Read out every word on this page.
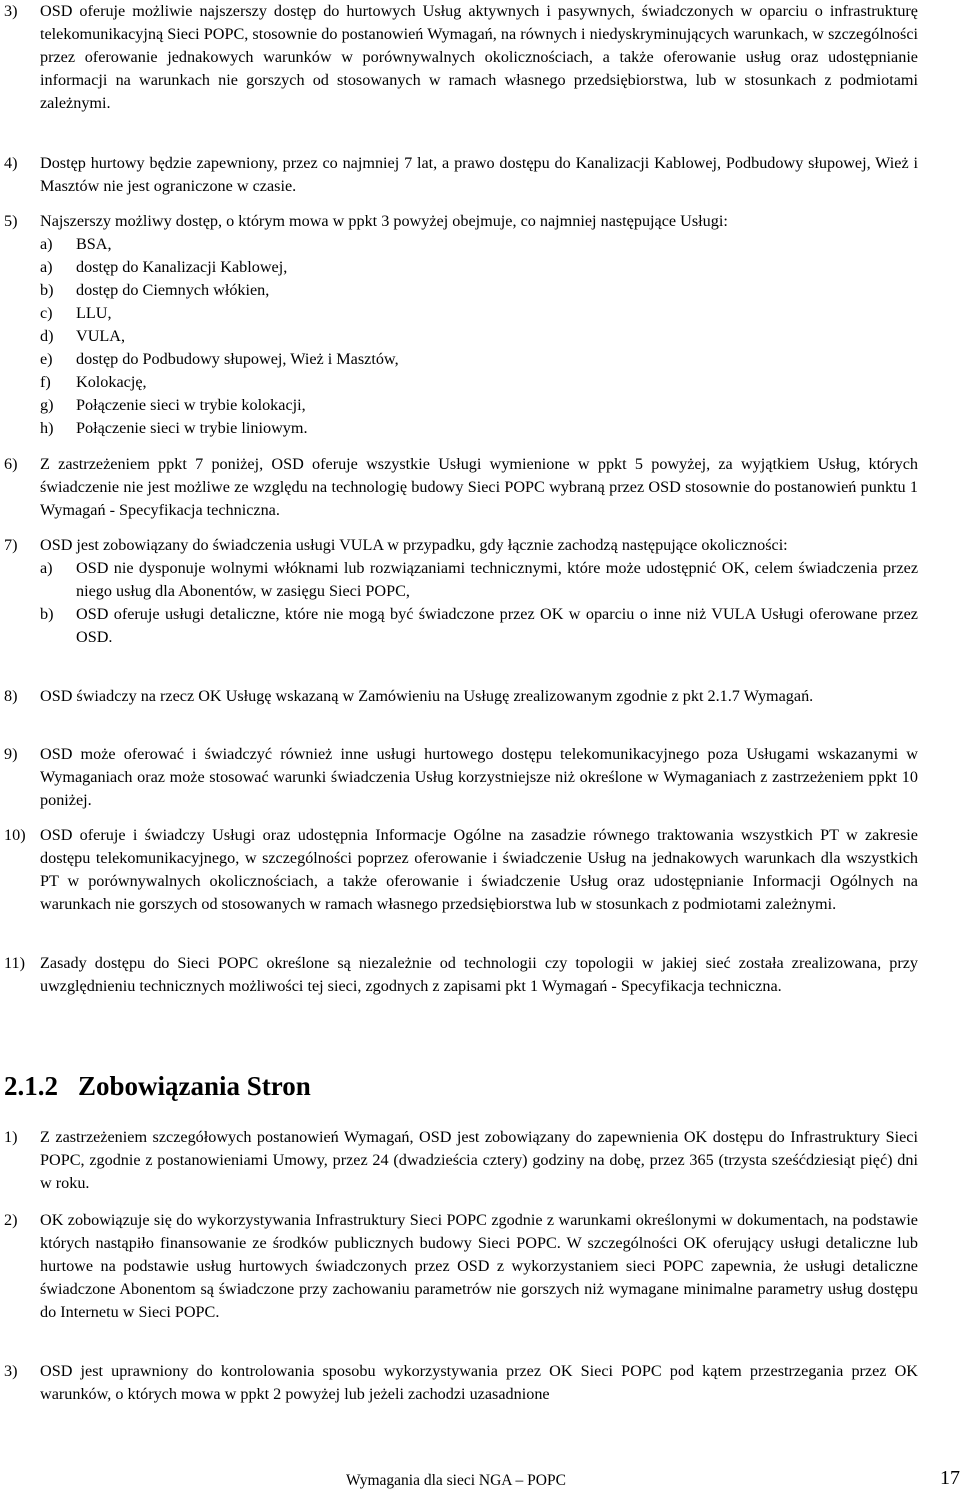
3) OSD oferuje możliwie najszerszy dostęp do hurtowych Usług aktywnych i pasywnych, świadczonych w oparciu o infrastrukturę telekomunikacyjną Sieci POPC, stosownie do postanowień Wymagań, na równych i niedyskryminujących warunkach, w szczególności przez oferowanie jednakowych warunków w porównywalnych okolicznościach, a także oferowanie usług oraz udostępnianie informacji na warunkach nie gorszych od stosowanych w ramach własnego przedsiębiorstwa, lub w stosunkach z podmiotami zależnymi.

4) Dostęp hurtowy będzie zapewniony, przez co najmniej 7 lat, a prawo dostępu do Kanalizacji Kablowej, Podbudowy słupowej, Wież i Masztów nie jest ograniczone w czasie.

5) Najszerszy możliwy dostęp, o którym mowa w ppkt 3 powyżej obejmuje, co najmniej następujące Usługi:

a) BSA,
a) dostęp do Kanalizacji Kablowej,
b) dostęp do Ciemnych włókien,
c) LLU,
d) VULA,
e) dostęp do Podbudowy słupowej, Wież i Masztów,
f) Kolokację,
g) Połączenie sieci w trybie kolokacji,
h) Połączenie sieci w trybie liniowym.
6) Z zastrzeżeniem ppkt 7 poniżej, OSD oferuje wszystkie Usługi wymienione w ppkt 5 powyżej, za wyjątkiem Usług, których świadczenie nie jest możliwe ze względu na technologię budowy Sieci POPC wybraną przez OSD stosownie do postanowień punktu 1 Wymagań - Specyfikacja techniczna.

7) OSD jest zobowiązany do świadczenia usługi VULA w przypadku, gdy łącznie zachodzą następujące okoliczności:

a) OSD nie dysponuje wolnymi włóknami lub rozwiązaniami technicznymi, które może udostępnić OK, celem świadczenia przez niego usług dla Abonentów, w zasięgu Sieci POPC,
b) OSD oferuje usługi detaliczne, które nie mogą być świadczone przez OK w oparciu o inne niż VULA Usługi oferowane przez OSD.
8) OSD świadczy na rzecz OK Usługę wskazaną w Zamówieniu na Usługę zrealizowanym zgodnie z pkt 2.1.7 Wymagań.

9) OSD może oferować i świadczyć również inne usługi hurtowego dostępu telekomunikacyjnego poza Usługami wskazanymi w Wymaganiach oraz może stosować warunki świadczenia Usług korzystniejsze niż określone w Wymaganiach z zastrzeżeniem ppkt 10 poniżej.

10) OSD oferuje i świadczy Usługi oraz udostępnia Informacje Ogólne na zasadzie równego traktowania wszystkich PT w zakresie dostępu telekomunikacyjnego, w szczególności poprzez oferowanie i świadczenie Usług na jednakowych warunkach dla wszystkich PT w porównywalnych okolicznościach, a także oferowanie i świadczenie Usług oraz udostępnianie Informacji Ogólnych na warunkach nie gorszych od stosowanych w ramach własnego przedsiębiorstwa lub w stosunkach z podmiotami zależnymi.

11) Zasady dostępu do Sieci POPC określone są niezależnie od technologii czy topologii w jakiej sieć została zrealizowana, przy uwzględnieniu technicznych możliwości tej sieci, zgodnych z zapisami pkt 1 Wymagań - Specyfikacja techniczna.

2.1.2 Zobowiązania Stron
1) Z zastrzeżeniem szczegółowych postanowień Wymagań, OSD jest zobowiązany do zapewnienia OK dostępu do Infrastruktury Sieci POPC, zgodnie z postanowieniami Umowy, przez 24 (dwadzieścia cztery) godziny na dobę, przez 365 (trzysta sześćdziesiąt pięć) dni w roku.

2) OK zobowiązuje się do wykorzystywania Infrastruktury Sieci POPC zgodnie z warunkami określonymi w dokumentach, na podstawie których nastąpiło finansowanie ze środków publicznych budowy Sieci POPC. W szczególności OK oferujący usługi detaliczne lub hurtowe na podstawie usług hurtowych świadczonych przez OSD z wykorzystaniem sieci POPC zapewnia, że usługi detaliczne świadczone Abonentom są świadczone przy zachowaniu parametrów nie gorszych niż wymagane minimalne parametry usług dostępu do Internetu w Sieci POPC.

3) OSD jest uprawniony do kontrolowania sposobu wykorzystywania przez OK Sieci POPC pod kątem przestrzegania przez OK warunków, o których mowa w ppkt 2 powyżej lub jeżeli zachodzi uzasadnione

Wymagania dla sieci NGA – POPC	17
